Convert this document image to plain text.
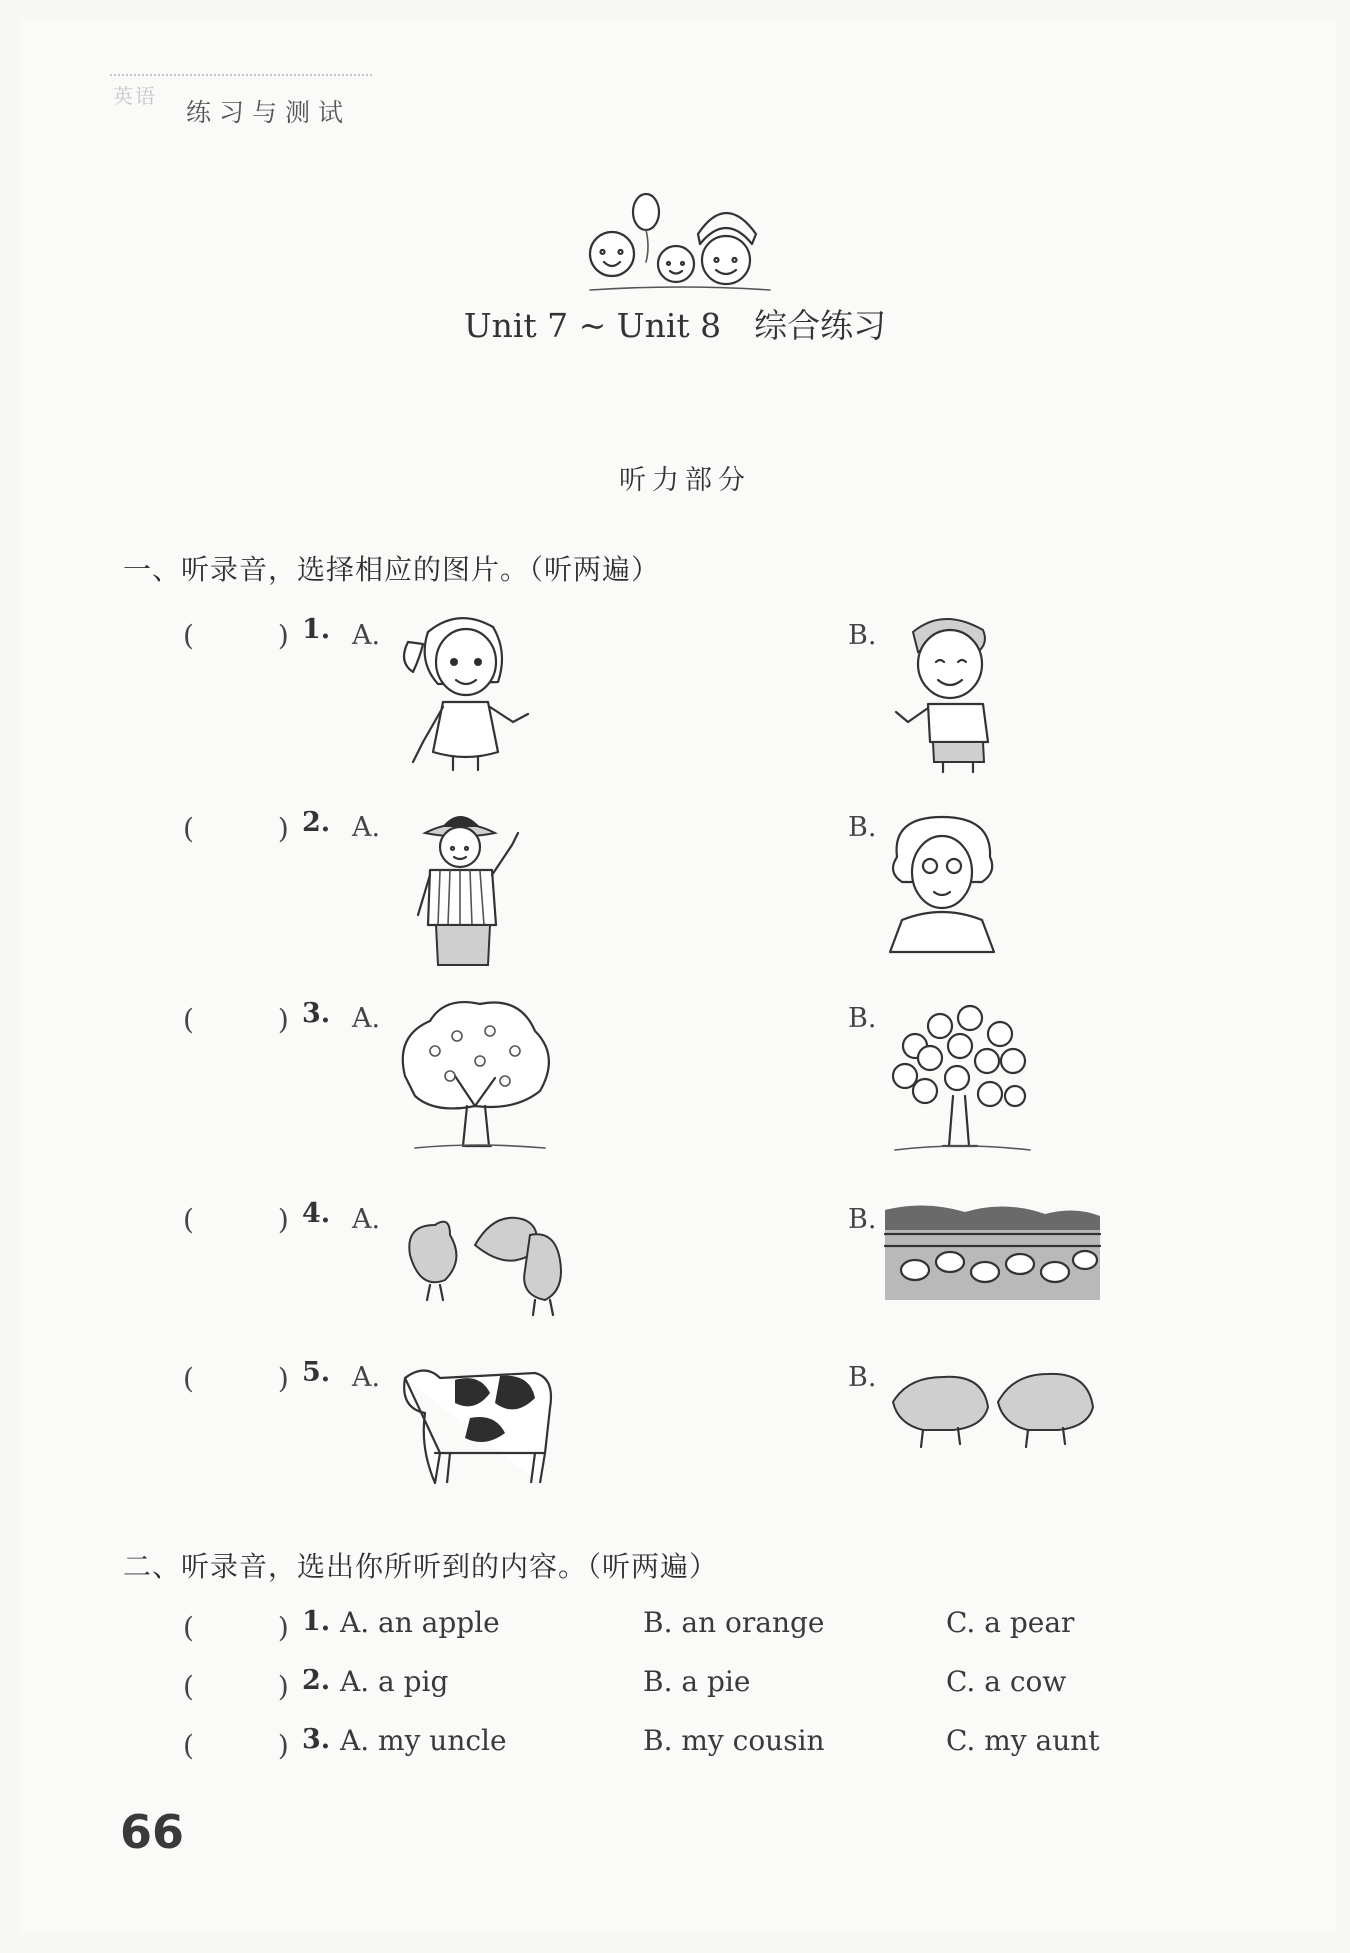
英语
练习与测试
Unit 7 ~ Unit 8　综合练习
听力部分
一、听录音，选择相应的图片。（听两遍）
(　　　) 1. A.	B.
(　　　) 2. A.	B.
(　　　) 3. A.	B.
(　　　) 4. A.	B.
(　　　) 5. A.	B.
二、听录音，选出你所听到的内容。（听两遍）
(　　　) 1. A. an apple	B. an orange	C. a pear
(　　　) 2. A. a pig	B. a pie	C. a cow
(　　　) 3. A. my uncle	B. my cousin	C. my aunt
66
